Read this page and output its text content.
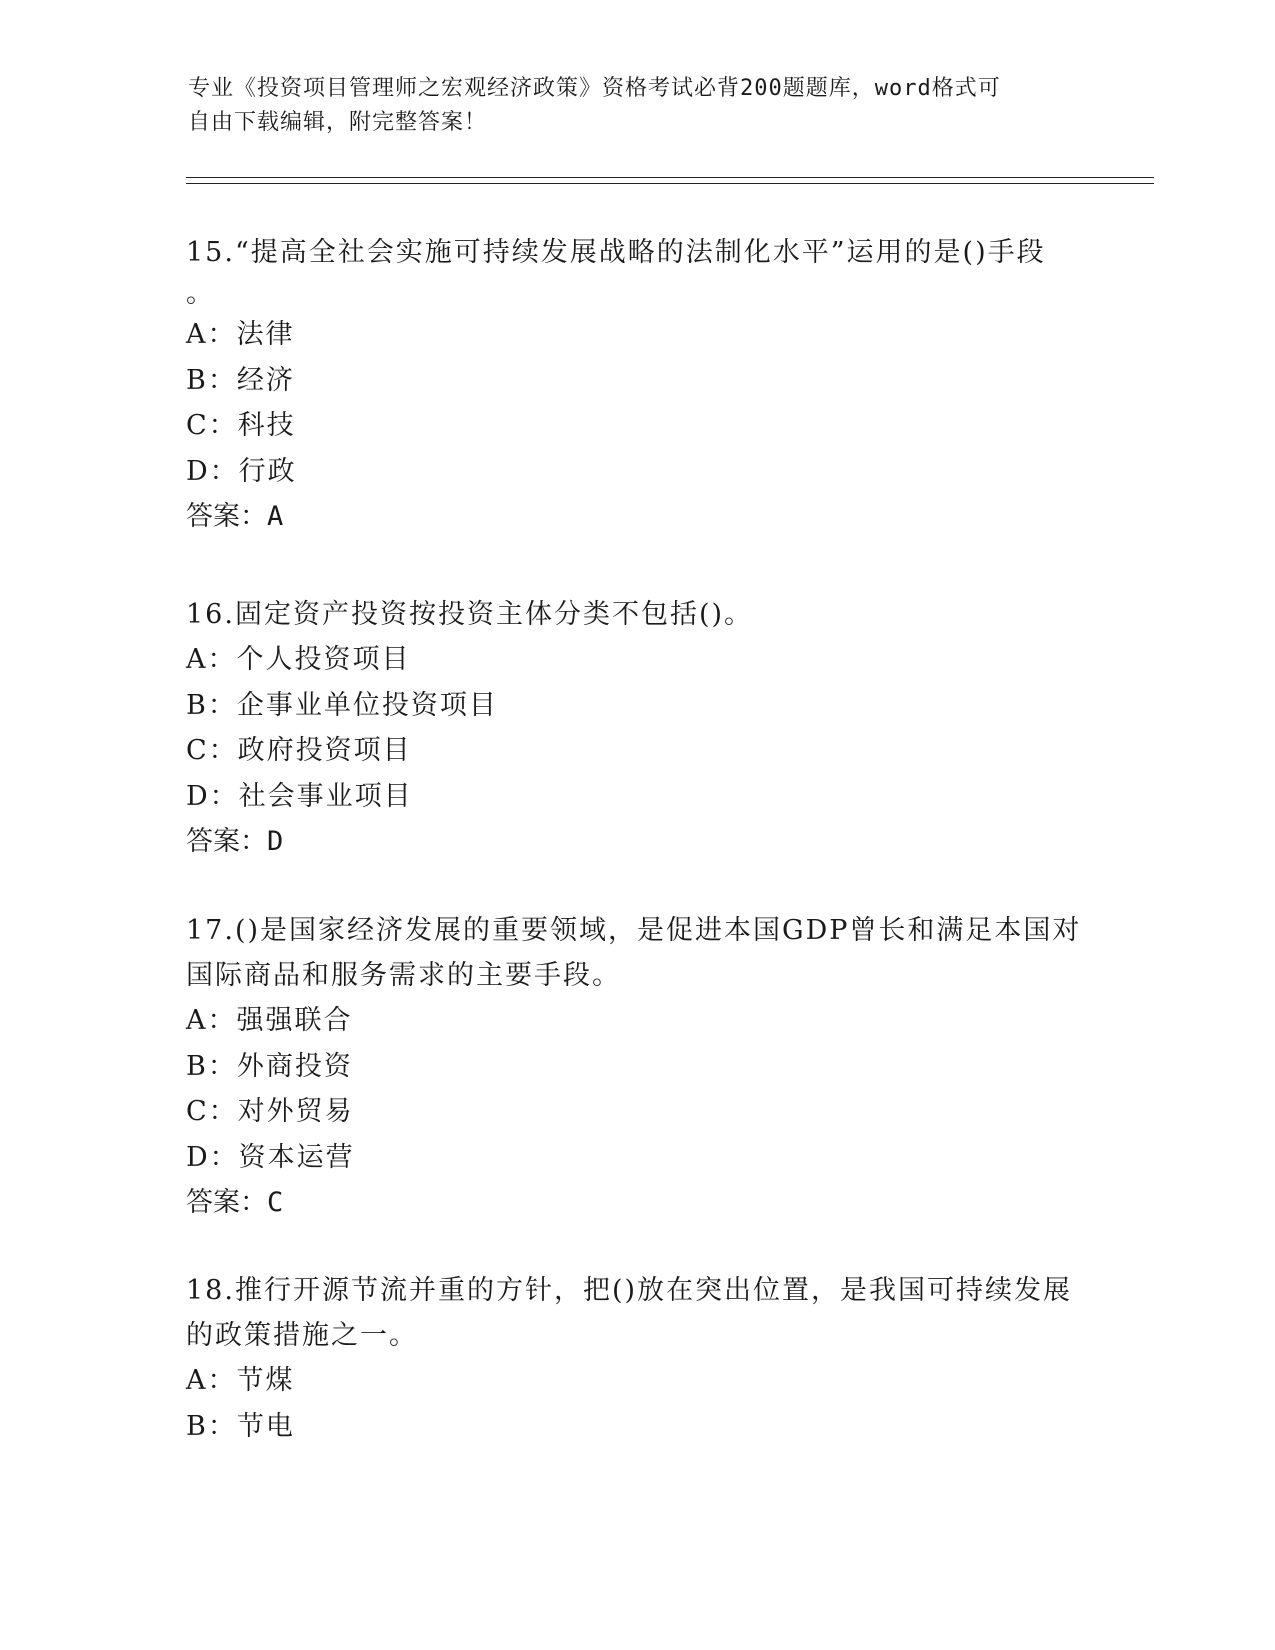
专业《投资项目管理师之宏观经济政策》资格考试必背200题题库，word格式可
自由下载编辑，附完整答案！
15.“提高全社会实施可持续发展战略的法制化水平”运用的是()手段
。
A：法律
B：经济
C：科技
D：行政
答案：A
16.固定资产投资按投资主体分类不包括()。
A：个人投资项目
B：企事业单位投资项目
C：政府投资项目
D：社会事业项目
答案：D
17.()是国家经济发展的重要领域，是促进本国GDP曾长和满足本国对
国际商品和服务需求的主要手段。
A：强强联合
B：外商投资
C：对外贸易
D：资本运营
答案：C
18.推行开源节流并重的方针，把()放在突出位置，是我国可持续发展
的政策措施之一。
A：节煤
B：节电
